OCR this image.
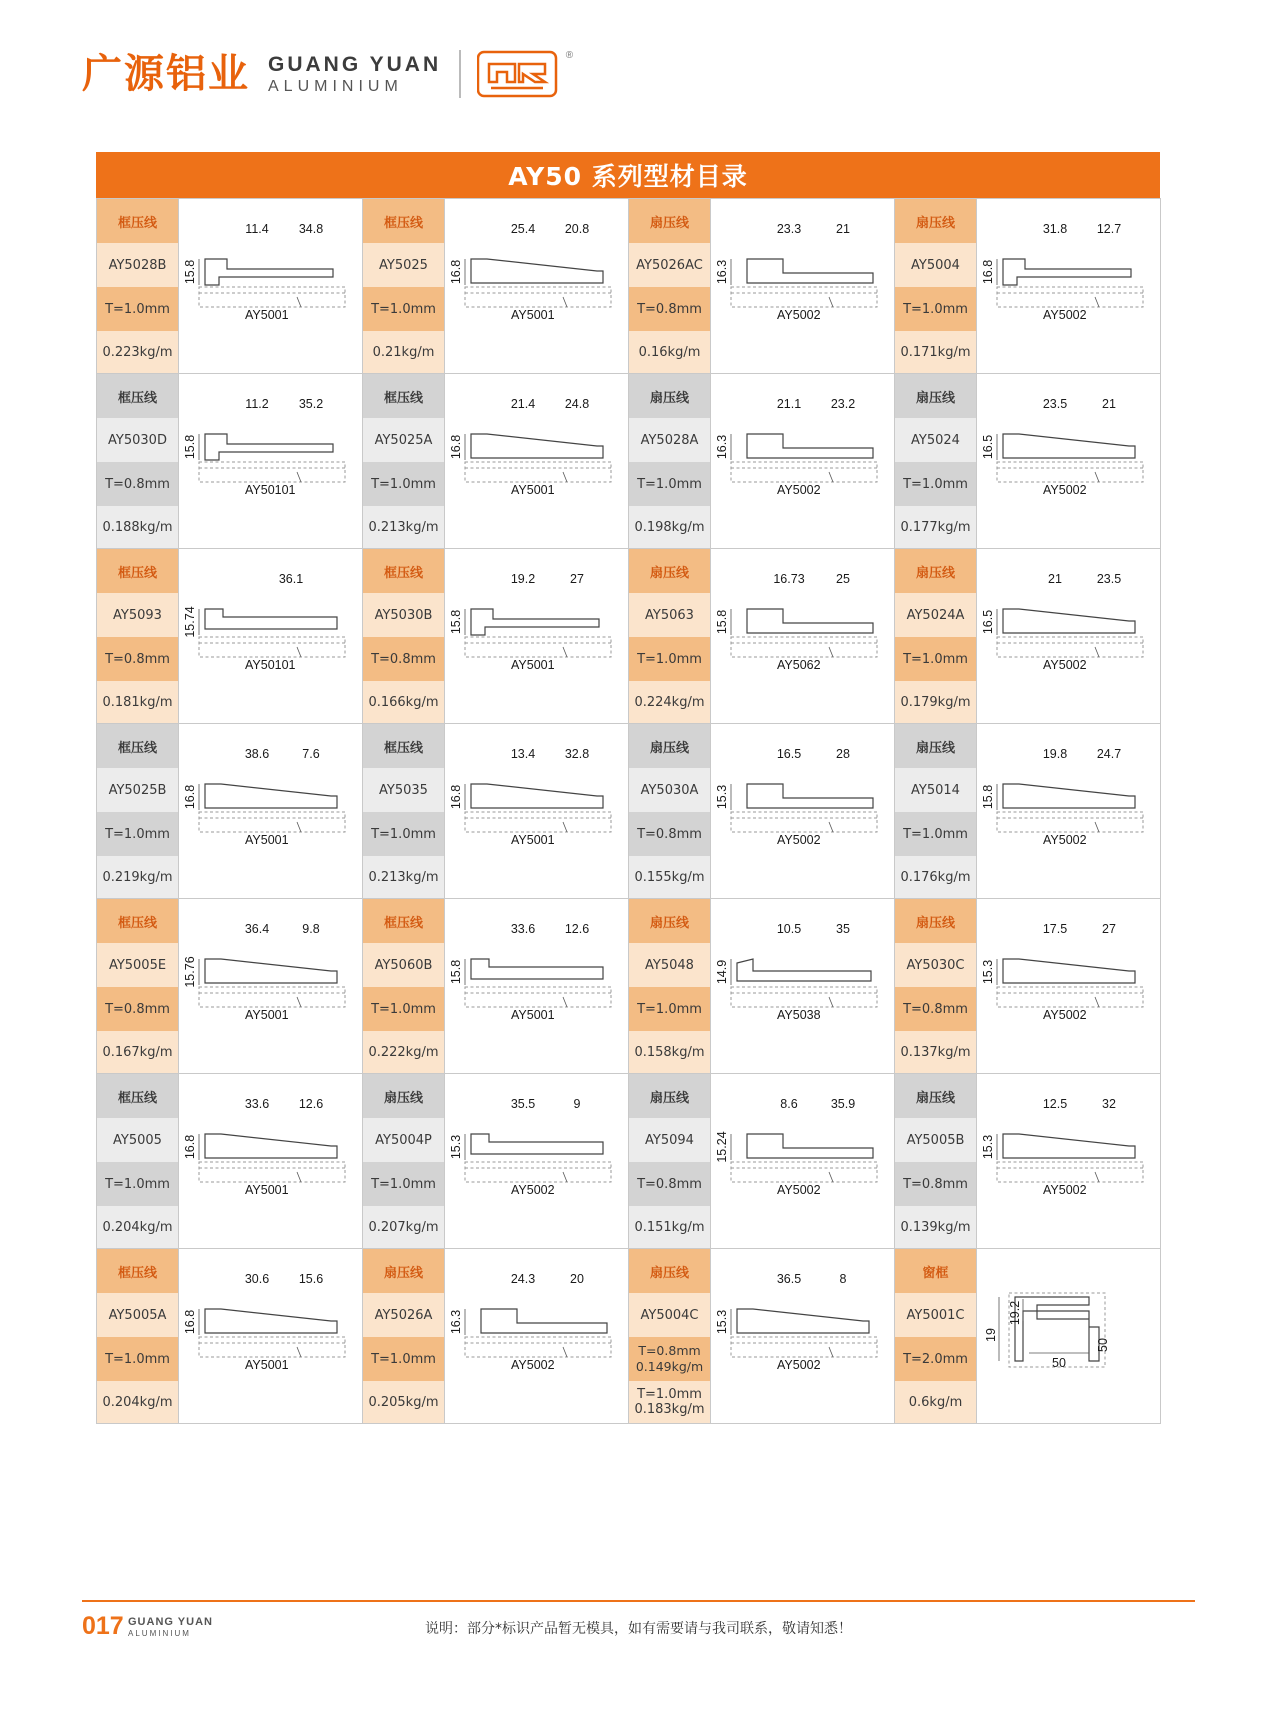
广源铝业 GUANG YUAN
ALUMINIUM
®
AY50 系列型材目录
框压线
AY5028B
T=1.0mm
0.223kg/m

11.4 34.8
15.8
AY5001

框压线
AY5025
T=1.0mm
0.21kg/m

25.4 20.8
16.8
AY5001

扇压线
AY5026AC
T=0.8mm
0.16kg/m

23.3	21
16.3
AY5002

扇压线
AY5004
T=1.0mm
0.171kg/m

31.8 12.7
16.8
AY5002

框压线
AY5030D
T=0.8mm
0.188kg/m

11.2 35.2
15.8
AY50101

框压线
AY5025A
T=1.0mm
0.213kg/m

21.4 24.8
16.8
AY5001

扇压线
AY5028A
T=1.0mm
0.198kg/m

21.1 23.2
16.3
AY5002

扇压线
AY5024
T=1.0mm
0.177kg/m

23.5	21
16.5
AY5002

框压线
AY5093
T=0.8mm
0.181kg/m

36.1
15.74
AY50101

框压线
AY5030B
T=0.8mm
0.166kg/m

19.2	27
15.8
AY5001

扇压线
AY5063
T=1.0mm
0.224kg/m

16.73	25
15.8
AY5062

扇压线
AY5024A
T=1.0mm
0.179kg/m

21	23.5
16.5
AY5002

框压线
AY5025B
T=1.0mm
0.219kg/m

38.6	7.6
16.8
AY5001

框压线
AY5035
T=1.0mm
0.213kg/m

13.4 32.8
16.8
AY5001

扇压线
AY5030A
T=0.8mm
0.155kg/m

16.5	28
15.3
AY5002

扇压线
AY5014
T=1.0mm
0.176kg/m

19.8 24.7
15.8
AY5002

框压线
AY5005E
T=0.8mm
0.167kg/m

36.4	9.8
15.76
AY5001

框压线
AY5060B
T=1.0mm
0.222kg/m

33.6 12.6
15.8
AY5001

扇压线
AY5048
T=1.0mm
0.158kg/m

10.5	35
14.9
AY5038

扇压线
AY5030C
T=0.8mm
0.137kg/m

17.5	27
15.3
AY5002

框压线
AY5005
T=1.0mm
0.204kg/m

33.6 12.6
16.8
AY5001

扇压线
AY5004P
T=1.0mm
0.207kg/m

35.5	9
15.3
AY5002

扇压线
AY5094
T=0.8mm
0.151kg/m

8.6	35.9
15.24
AY5002

扇压线
AY5005B
T=0.8mm
0.139kg/m

12.5	32
15.3
AY5002

框压线
AY5005A
T=1.0mm
0.204kg/m

30.6 15.6
16.8
AY5001

扇压线
AY5026A
T=1.0mm
0.205kg/m

24.3	20
16.3
AY5002

扇压线
AY5004C
T=0.8mm
0.149kg/m
T=1.0mm
0.183kg/m

36.5	8
15.3
AY5002

窗框
AY5001C
T=2.0mm
0.6kg/m

19
19.2
50
50
017 GUANG YUAN
ALUMINIUM	说明：部分*标识产品暂无模具，如有需要请与我司联系，敬请知悉！
